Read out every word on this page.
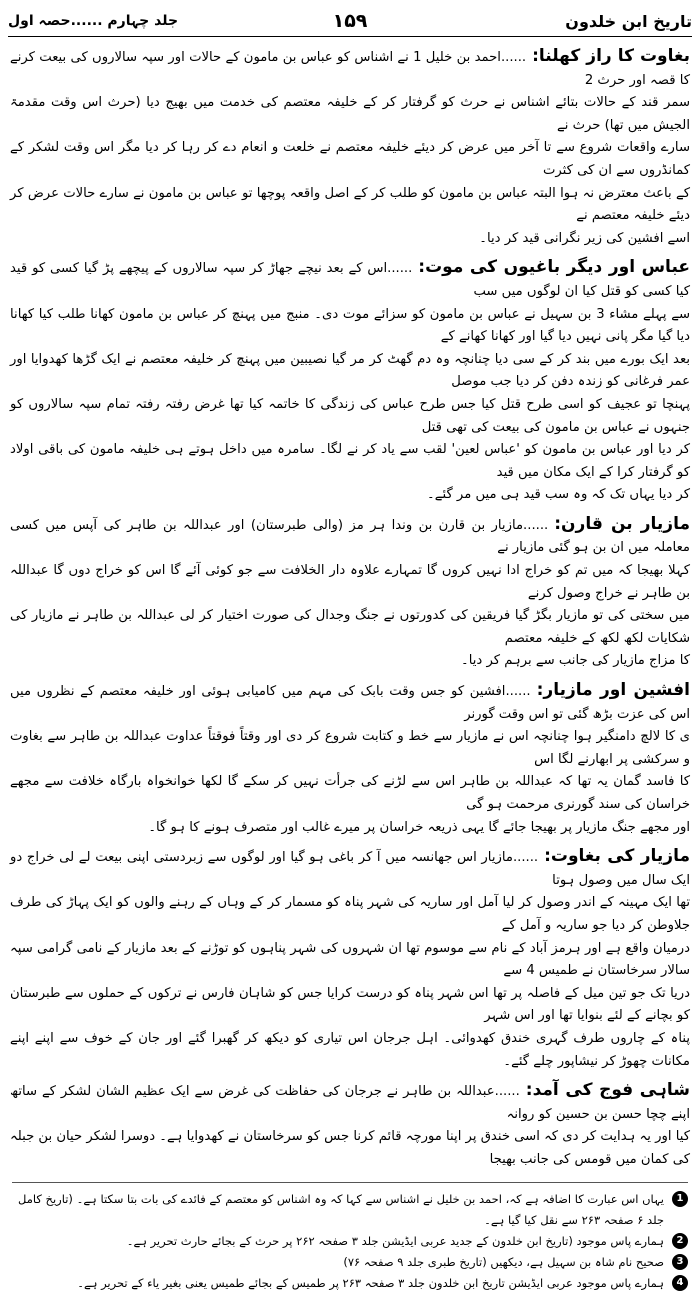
جلد چہارم ......حصہ اول	۱۵۹	تاریخ ابن خلدون

بغاوت کا راز کھلنا:......احمد بن خلیل 1 نے اشناس کو عباس بن مامون کے حالات اور سپہ سالاروں کی بیعت کرنے کا قصہ اور حرث 2

سمر قند کے حالات بتائے اشناس نے حرث کو گرفتار کر کے خلیفہ معتصم کی خدمت میں بھیج دیا (حرث اس وقت مقدمۃ الجیش میں تھا) حرث نے

سارے واقعات شروع سے تا آخر میں عرض کر دیئے خلیفہ معتصم نے خلعت و انعام دے کر رہا کر دیا مگر اس وقت لشکر کے کمانڈروں سے ان کی کثرت

کے باعث معترض نہ ہوا البتہ عباس بن مامون کو طلب کر کے اصل واقعہ پوچھا تو عباس بن مامون نے سارے حالات عرض کر دیئے خلیفہ معتصم نے

اسے افشین کی زیر نگرانی قید کر دیا۔

عباس اور دیگر باغیوں کی موت:......اس کے بعد نیچے جھاڑ کر سپہ سالاروں کے پیچھے پڑ گیا کسی کو قید کیا کسی کو قتل کیا ان لوگوں میں سب

سے پہلے مشاء 3 بن سہیل نے عباس بن مامون کو سزائے موت دی۔ منبج میں پہنچ کر عباس بن مامون کھانا طلب کیا کھانا دیا گیا مگر پانی نہیں دیا گیا اور کھانا کھانے کے

بعد ایک بورے میں بند کر کے سی دیا چنانچہ وہ دم گھٹ کر مر گیا نصیبین میں پہنچ کر خلیفہ معتصم نے ایک گڑھا کھدوایا اور عمر فرغانی کو زندہ دفن کر دیا جب موصل

پہنچا تو عجیف کو اسی طرح قتل کیا جس طرح عباس کی زندگی کا خاتمہ کیا تھا غرض رفتہ رفتہ تمام سپہ سالاروں کو جنہوں نے عباس بن مامون کی بیعت کی تھی قتل

کر دیا اور عباس بن مامون کو 'عباس لعین' لقب سے یاد کر نے لگا۔ سامرہ میں داخل ہوتے ہی خلیفہ مامون کی باقی اولاد کو گرفتار کرا کے ایک مکان میں قید

کر دیا یہاں تک کہ وہ سب قید ہی میں مر گئے۔

مازیار بن قارن:......مازیار بن قارن بن وندا ہر مز (والی طبرستان) اور عبداللہ بن طاہر کی آپس میں کسی معاملہ میں ان بن ہو گئی مازیار نے

کہلا بھیجا کہ میں تم کو خراج ادا نہیں کروں گا تمہارے علاوہ دار الخلافت سے جو کوئی آئے گا اس کو خراج دوں گا عبداللہ بن طاہر نے خراج وصول کرنے

میں سختی کی تو مازیار بگڑ گیا فریقین کی کدورتوں نے جنگ وجدال کی صورت اختیار کر لی عبداللہ بن طاہر نے مازیار کی شکایات لکھ لکھ کے خلیفہ معتصم

کا مزاج مازیار کی جانب سے برہم کر دیا۔

افشین اور مازیار:......افشین کو جس وقت بابک کی مہم میں کامیابی ہوئی اور خلیفہ معتصم کے نظروں میں اس کی عزت بڑھ گئی تو اس وقت گورنر

ی کا لالچ دامنگیر ہوا چنانچہ اس نے مازیار سے خط و کتابت شروع کر دی اور وقتاً فوقتاً عداوت عبداللہ بن طاہر سے بغاوت و سرکشی پر ابھارنے لگا اس

کا فاسد گمان یہ تھا کہ عبداللہ بن طاہر اس سے لڑنے کی جرأت نہیں کر سکے گا لکھا خوانخواہ بارگاہ خلافت سے مجھے خراسان کی سند گورنری مرحمت ہو گی

اور مجھے جنگ مازیار پر بھیجا جائے گا یہی ذریعہ خراسان پر میرے غالب اور متصرف ہونے کا ہو گا۔

مازیار کی بغاوت:......مازیار اس جھانسہ میں آ کر باغی ہو گیا اور لوگوں سے زبردستی اپنی بیعت لے لی خراج دو ایک سال میں وصول ہوتا

تھا ایک مہینہ کے اندر وصول کر لیا آمل اور ساریہ کی شہر پناہ کو مسمار کر کے وہاں کے رہنے والوں کو ایک پہاڑ کی طرف جلاوطن کر دیا جو ساریہ و آمل کے

درمیان واقع ہے اور ہرمز آباد کے نام سے موسوم تھا ان شہروں کی شہر پناہوں کو توڑنے کے بعد مازیار کے نامی گرامی سپہ سالار سرخاستان نے طمیس 4 سے

دریا تک جو تین میل کے فاصلہ پر تھا اس شہر پناہ کو درست کرایا جس کو شاہان فارس نے ترکوں کے حملوں سے طبرستان کو بچانے کے لئے بنوایا تھا اور اس شہر

پناہ کے چاروں طرف گہری خندق کھدوائی۔ اہل جرجان اس تیاری کو دیکھ کر گھبرا گئے اور جان کے خوف سے اپنے اپنے مکانات چھوڑ کر نیشاپور چلے گئے۔

شاہی فوج کی آمد:......عبداللہ بن طاہر نے جرجان کی حفاظت کی غرض سے ایک عظیم الشان لشکر کے ساتھ اپنے چچا حسن بن حسین کو روانہ

کیا اور یہ ہدایت کر دی کہ اسی خندق پر اپنا مورچہ قائم کرنا جس کو سرخاستان نے کھدوایا ہے۔ دوسرا لشکر حیان بن جبلہ کی کمان میں قومس کی جانب بھیجا

1
یہاں اس عبارت کا اضافہ ہے کہ، احمد بن خلیل نے اشناس سے کہا کہ وہ اشناس کو معتصم کے فائدے کی بات بتا سکتا ہے۔ (تاریخ کامل جلد ۶ صفحہ ۲۶۳ سے نقل کیا گیا ہے۔
2
ہمارے پاس موجود (تاریخ ابن خلدون کے جدید عربی ایڈیشن جلد ۳ صفحہ ۲۶۲ پر حرث کے بجائے حارث تحریر ہے۔
3
صحیح نام شاہ بن سہیل ہے، دیکھیں (تاریخ طبری جلد ۹ صفحہ ۷۶)
4
ہمارے پاس موجود عربی ایڈیشن تاریخ ابن خلدون جلد ۳ صفحہ ۲۶۳ پر طمیس کے بجائے طمیس یعنی بغیر یاء کے تحریر ہے۔
